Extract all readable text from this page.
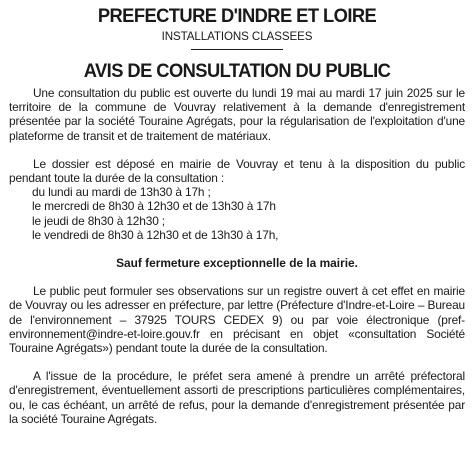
PREFECTURE D'INDRE ET LOIRE
INSTALLATIONS CLASSEES
AVIS DE CONSULTATION DU PUBLIC

Une consultation du public est ouverte du lundi 19 mai au mardi 17 juin 2025 sur le territoire de la commune de Vouvray relativement à la demande d'enregistrement présentée par la société Touraine Agrégats, pour la régularisation de l'exploitation d'une plateforme de transit et de traitement de matériaux.

Le dossier est déposé en mairie de Vouvray et tenu à la disposition du public pendant toute la durée de la consultation :

du lundi au mardi de 13h30 à 17h ;
le mercredi de 8h30 à 12h30 et de 13h30 à 17h
le jeudi de 8h30 à 12h30 ;
le vendredi de 8h30 à 12h30 et de 13h30 à 17h,
Sauf fermeture exceptionnelle de la mairie.

Le public peut formuler ses observations sur un registre ouvert à cet effet en mairie de Vouvray ou les adresser en préfecture, par lettre (Préfecture d'Indre-et-Loire – Bureau de l'environnement – 37925 TOURS CEDEX 9) ou par voie électronique (pref-environnement@indre-et-loire.gouv.fr en précisant en objet «consultation Société Touraine Agrégats») pendant toute la durée de la consultation.

A l'issue de la procédure, le préfet sera amené à prendre un arrêté préfectoral d'enregistrement, éventuellement assorti de prescriptions particulières complémentaires, ou, le cas échéant, un arrêté de refus, pour la demande d'enregistrement présentée par la société Touraine Agrégats.
